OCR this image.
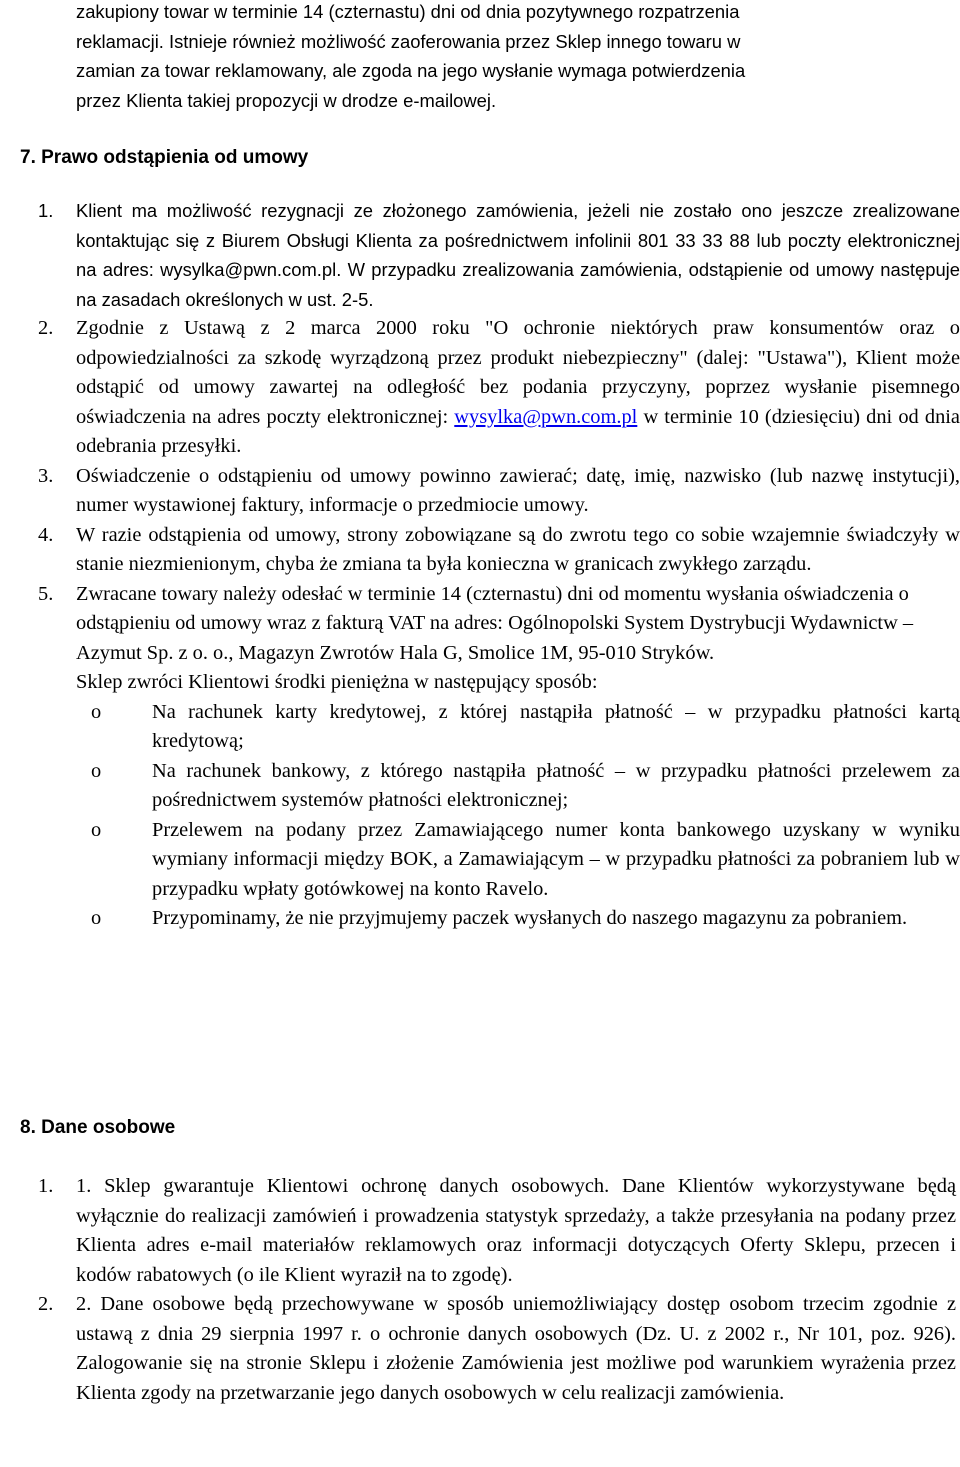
zakupiony towar w terminie 14 (czternastu) dni od dnia pozytywnego rozpatrzenia
reklamacji. Istnieje również możliwość zaoferowania przez Sklep innego towaru w
zamian za towar reklamowany, ale zgoda na jego wysłanie wymaga potwierdzenia
przez Klienta takiej propozycji w drodze e-mailowej.
7. Prawo odstąpienia od umowy
1.	Klient ma możliwość rezygnacji ze złożonego zamówienia, jeżeli nie zostało ono jeszcze zrealizowane kontaktując się z Biurem Obsługi Klienta za pośrednictwem infolinii 801 33 33 88 lub poczty elektronicznej na adres: wysylka@pwn.com.pl. W przypadku zrealizowania zamówienia, odstąpienie od umowy następuje na zasadach określonych w ust. 2-5.
2.	Zgodnie z Ustawą z 2 marca 2000 roku "O ochronie niektórych praw konsumentów oraz o odpowiedzialności za szkodę wyrządzoną przez produkt niebezpieczny" (dalej: "Ustawa"), Klient może odstąpić od umowy zawartej na odległość bez podania przyczyny, poprzez wysłanie pisemnego oświadczenia na adres poczty elektronicznej: wysylka@pwn.com.pl w terminie 10 (dziesięciu) dni od dnia odebrania przesyłki.
3.	Oświadczenie o odstąpieniu od umowy powinno zawierać; datę, imię, nazwisko (lub nazwę instytucji), numer wystawionej faktury, informacje o przedmiocie umowy.
4.	W razie odstąpienia od umowy, strony zobowiązane są do zwrotu tego co sobie wzajemnie świadczyły w stanie niezmienionym, chyba że zmiana ta była konieczna w granicach zwykłego zarządu.
5.	Zwracane towary należy odesłać w terminie 14 (czternastu) dni od momentu wysłania oświadczenia o odstąpieniu od umowy wraz z fakturą VAT na adres: Ogólnopolski System Dystrybucji Wydawnictw – Azymut Sp. z o. o., Magazyn Zwrotów Hala G, Smolice 1M, 95-010 Stryków.
Sklep zwróci Klientowi środki pieniężna w następujący sposób:
o	Na rachunek karty kredytowej, z której nastąpiła płatność – w przypadku płatności kartą kredytową;
o	Na rachunek bankowy, z którego nastąpiła płatność – w przypadku płatności przelewem za pośrednictwem systemów płatności elektronicznej;
o	Przelewem na podany przez Zamawiającego numer konta bankowego uzyskany w wyniku wymiany informacji między BOK, a Zamawiającym – w przypadku płatności za pobraniem lub w przypadku wpłaty gotówkowej na konto Ravelo.
o	Przypominamy, że nie przyjmujemy paczek wysłanych do naszego magazynu za pobraniem.
8. Dane osobowe
1.	1. Sklep gwarantuje Klientowi ochronę danych osobowych. Dane Klientów wykorzystywane będą wyłącznie do realizacji zamówień i prowadzenia statystyk sprzedaży, a także przesyłania na podany przez Klienta adres e-mail materiałów reklamowych oraz informacji dotyczących Oferty Sklepu, przecen i kodów rabatowych (o ile Klient wyraził na to zgodę).
2.	2. Dane osobowe będą przechowywane w sposób uniemożliwiający dostęp osobom trzecim zgodnie z ustawą z dnia 29 sierpnia 1997 r. o ochronie danych osobowych (Dz. U. z 2002 r., Nr 101, poz. 926). Zalogowanie się na stronie Sklepu i złożenie Zamówienia jest możliwe pod warunkiem wyrażenia przez Klienta zgody na przetwarzanie jego danych osobowych w celu realizacji zamówienia.
